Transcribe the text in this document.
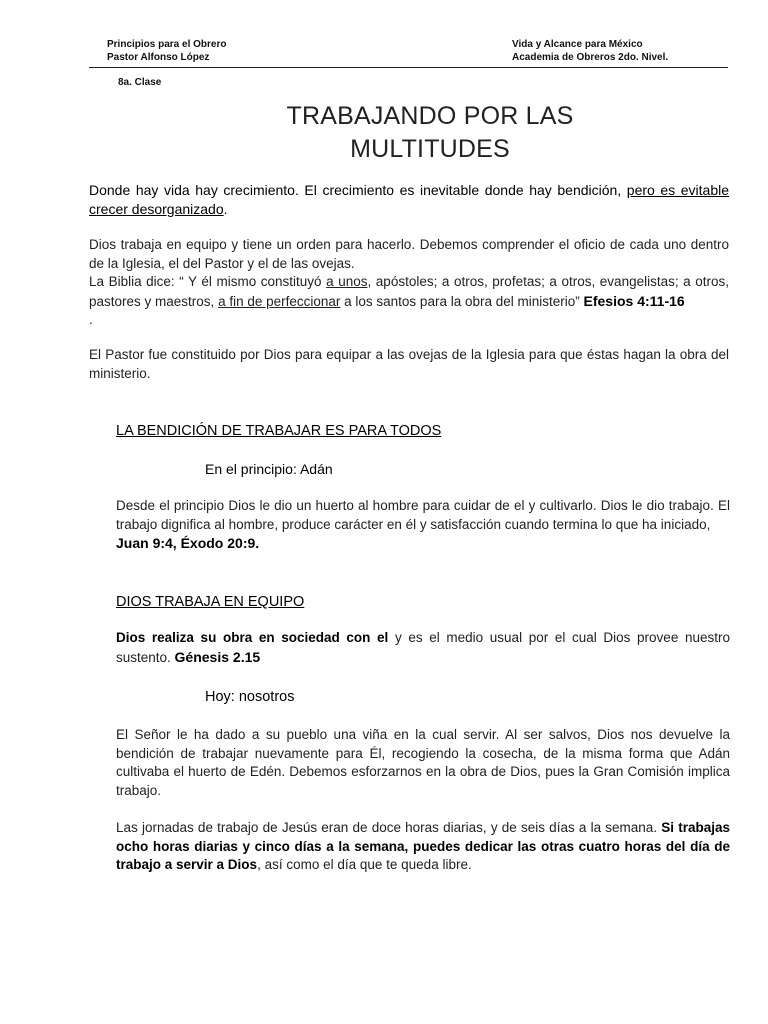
Principios para el Obrero
Pastor Alfonso López
Vida y Alcance para México
Academia de Obreros 2do. Nivel.
8a. Clase
TRABAJANDO POR LAS
MULTITUDES
Donde hay vida hay crecimiento. El crecimiento es inevitable donde hay bendición, pero es evitable crecer desorganizado.
Dios trabaja en equipo y tiene un orden para hacerlo. Debemos comprender el oficio de cada uno dentro de la Iglesia, el del Pastor y el de las ovejas.
La Biblia dice: “ Y él mismo constituyó a unos, apóstoles; a otros, profetas; a otros, evangelistas; a otros, pastores y maestros, a fin de perfeccionar a los santos para la obra del ministerio” Efesios 4:11-16
.
El Pastor fue constituido por Dios para equipar a las ovejas de la Iglesia para que éstas hagan la obra del ministerio.
LA BENDICIÓN DE TRABAJAR ES PARA TODOS
En el principio: Adán
Desde el principio Dios le dio un huerto al hombre para cuidar de el y cultivarlo. Dios le dio trabajo. El trabajo dignifica al hombre, produce carácter en él y satisfacción cuando termina lo que ha iniciado,
Juan 9:4, Éxodo 20:9.
DIOS TRABAJA EN EQUIPO
Dios realiza su obra en sociedad con el y es el medio usual por el cual Dios provee nuestro sustento. Génesis 2.15
Hoy: nosotros
El Señor le ha dado a su pueblo una viña en la cual servir. Al ser salvos, Dios nos devuelve la bendición de trabajar nuevamente para Él, recogiendo la cosecha, de la misma forma que Adán cultivaba el huerto de Edén. Debemos esforzarnos en la obra de Dios, pues la Gran Comisión implica trabajo.
Las jornadas de trabajo de Jesús eran de doce horas diarias, y de seis días a la semana. Si trabajas ocho horas diarias y cinco días a la semana, puedes dedicar las otras cuatro horas del día de trabajo a servir a Dios, así como el día que te queda libre.
